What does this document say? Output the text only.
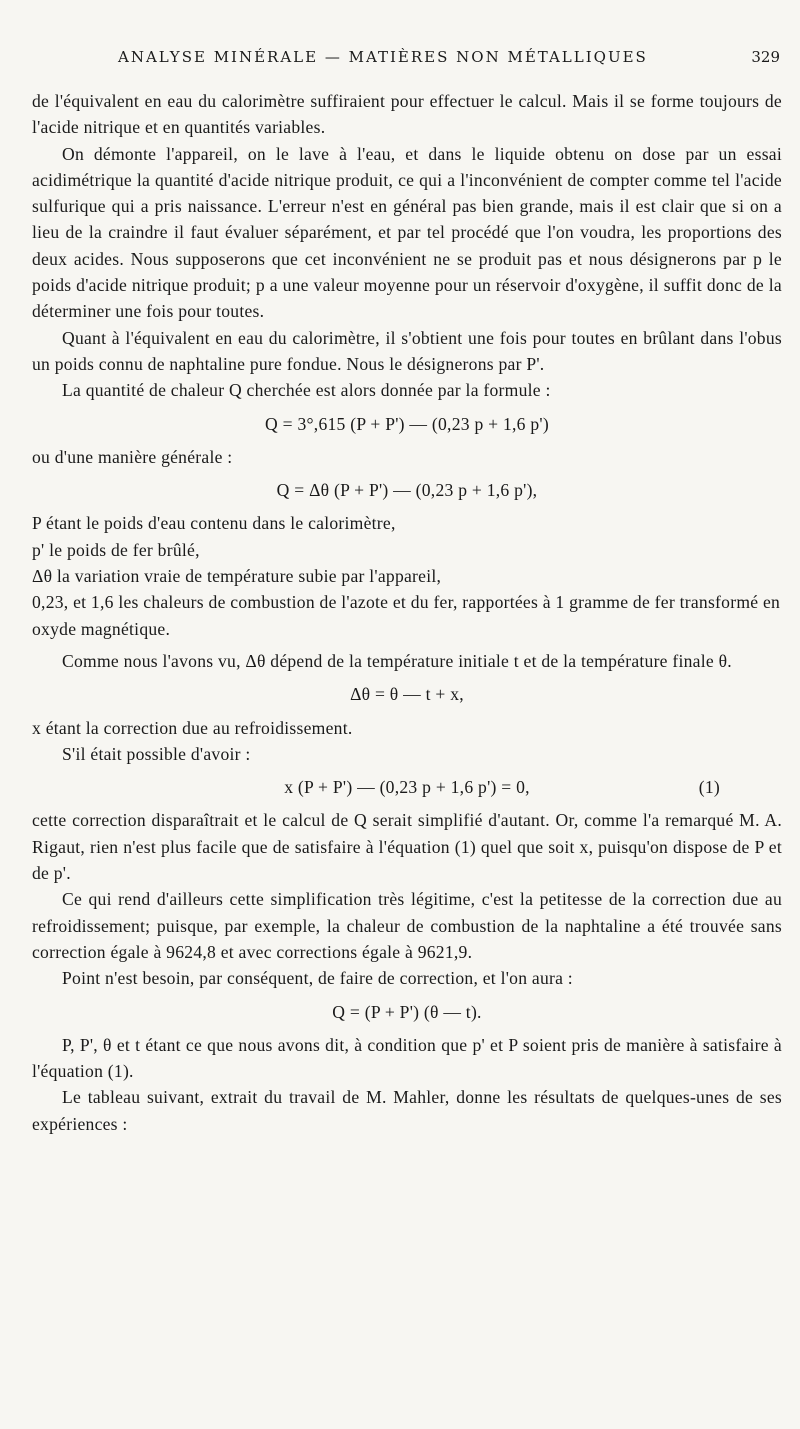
ANALYSE MINÉRALE — MATIÈRES NON MÉTALLIQUES	329

de l'équivalent en eau du calorimètre suffiraient pour effectuer le calcul. Mais il se forme toujours de l'acide nitrique et en quantités variables.

On démonte l'appareil, on le lave à l'eau, et dans le liquide obtenu on dose par un essai acidimétrique la quantité d'acide nitrique produit, ce qui a l'inconvénient de compter comme tel l'acide sulfurique qui a pris naissance. L'erreur n'est en général pas bien grande, mais il est clair que si on a lieu de la craindre il faut évaluer séparément, et par tel procédé que l'on voudra, les proportions des deux acides. Nous supposerons que cet inconvénient ne se produit pas et nous désignerons par p le poids d'acide nitrique produit; p a une valeur moyenne pour un réservoir d'oxygène, il suffit donc de la déterminer une fois pour toutes.

Quant à l'équivalent en eau du calorimètre, il s'obtient une fois pour toutes en brûlant dans l'obus un poids connu de naphtaline pure fondue. Nous le désignerons par P'.

La quantité de chaleur Q cherchée est alors donnée par la formule :

Q = 3°,615 (P + P') — (0,23 p + 1,6 p')

ou d'une manière générale :

Q = Δθ (P + P') — (0,23 p + 1,6 p'),

P étant le poids d'eau contenu dans le calorimètre,

p' le poids de fer brûlé,

Δθ la variation vraie de température subie par l'appareil,

0,23, et 1,6 les chaleurs de combustion de l'azote et du fer, rapportées à 1 gramme de fer transformé en oxyde magnétique.

Comme nous l'avons vu, Δθ dépend de la température initiale t et de la température finale θ.

Δθ = θ — t + x,

x étant la correction due au refroidissement.

S'il était possible d'avoir :

x (P + P') — (0,23 p + 1,6 p') = 0,	(1)

cette correction disparaîtrait et le calcul de Q serait simplifié d'autant. Or, comme l'a remarqué M. A. Rigaut, rien n'est plus facile que de satisfaire à l'équation (1) quel que soit x, puisqu'on dispose de P et de p'.

Ce qui rend d'ailleurs cette simplification très légitime, c'est la petitesse de la correction due au refroidissement; puisque, par exemple, la chaleur de combustion de la naphtaline a été trouvée sans correction égale à 9624,8 et avec corrections égale à 9621,9.

Point n'est besoin, par conséquent, de faire de correction, et l'on aura :

Q = (P + P') (θ — t).

P, P', θ et t étant ce que nous avons dit, à condition que p' et P soient pris de manière à satisfaire à l'équation (1).

Le tableau suivant, extrait du travail de M. Mahler, donne les résultats de quelques-unes de ses expériences :
